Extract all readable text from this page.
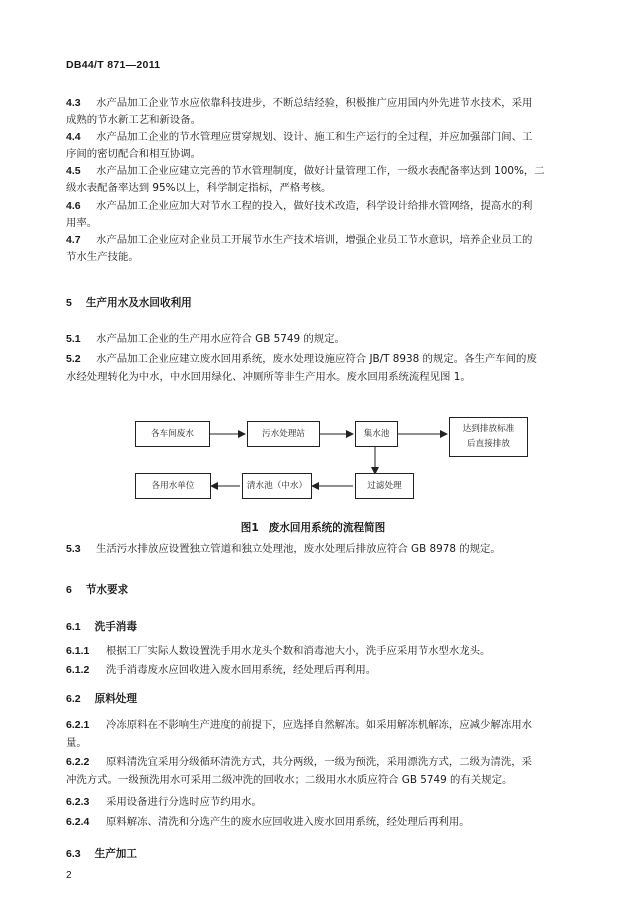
DB44/T 871—2011
4.3 水产品加工企业节水应依靠科技进步，不断总结经验，积极推广应用国内外先进节水技术，采用
成熟的节水新工艺和新设备。
4.4 水产品加工企业的节水管理应贯穿规划、设计、施工和生产运行的全过程，并应加强部门间、工
序间的密切配合和相互协调。
4.5 水产品加工企业应建立完善的节水管理制度，做好计量管理工作，一级水表配备率达到 100%，二
级水表配备率达到 95%以上，科学制定指标，严格考核。
4.6 水产品加工企业应加大对节水工程的投入，做好技术改造，科学设计给排水管网络，提高水的利
用率。
4.7 水产品加工企业应对企业员工开展节水生产技术培训，增强企业员工节水意识，培养企业员工的
节水生产技能。
5 生产用水及水回收利用
5.1 水产品加工企业的生产用水应符合 GB 5749 的规定。
5.2 水产品加工企业应建立废水回用系统，废水处理设施应符合 JB/T 8938 的规定。各生产车间的废
水经处理转化为中水，中水回用绿化、冲厕所等非生产用水。废水回用系统流程见图 1。
各车间废水	污水处理站	集水池	达到排放标准
后直接排放
过滤处理
清水池（中水）
各用水单位
图1 废水回用系统的流程简图
5.3 生活污水排放应设置独立管道和独立处理池，废水处理后排放应符合 GB 8978 的规定。
6 节水要求
6.1 洗手消毒
6.1.1 根据工厂实际人数设置洗手用水龙头个数和消毒池大小，洗手应采用节水型水龙头。
6.1.2 洗手消毒废水应回收进入废水回用系统，经处理后再利用。
6.2 原料处理
6.2.1 冷冻原料在不影响生产进度的前提下，应选择自然解冻。如采用解冻机解冻，应减少解冻用水
量。
6.2.2 原料清洗宜采用分级循环清洗方式，共分两级，一级为预洗，采用漂洗方式，二级为清洗，采
冲洗方式。一级预洗用水可采用二级冲洗的回收水；二级用水水质应符合 GB 5749 的有关规定。
6.2.3 采用设备进行分选时应节约用水。
6.2.4 原料解冻、清洗和分选产生的废水应回收进入废水回用系统，经处理后再利用。
6.3 生产加工
2
